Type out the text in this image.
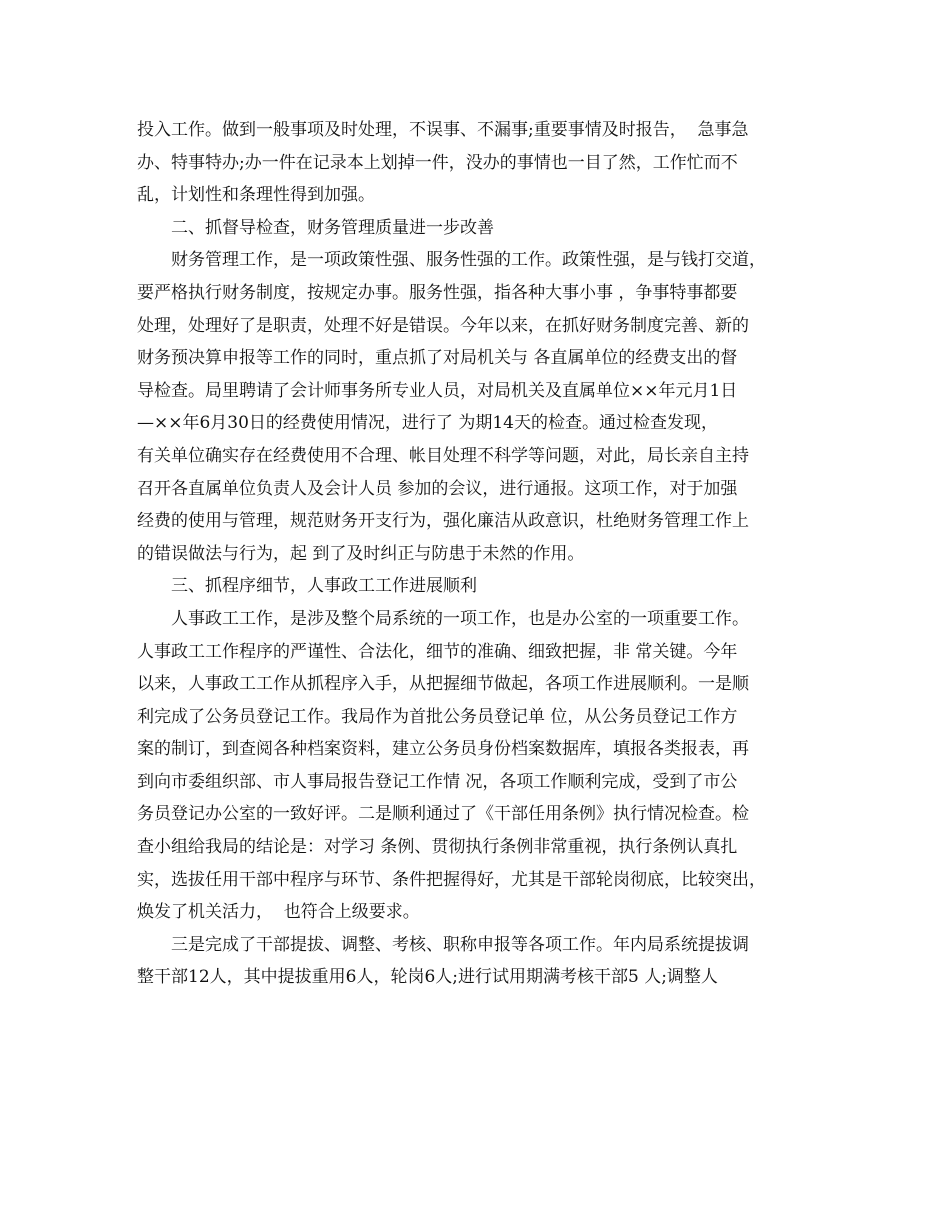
投入工作。做到一般事项及时处理，不误事、不漏事;重要事情及时报告，  急事急
办、特事特办;办一件在记录本上划掉一件，没办的事情也一目了然，工作忙而不
乱，计划性和条理性得到加强。
二、抓督导检查，财务管理质量进一步改善
财务管理工作，是一项政策性强、服务性强的工作。政策性强，是与钱打交道，
要严格执行财务制度，按规定办事。服务性强，指各种大事小事 ，争事特事都要
处理，处理好了是职责，处理不好是错误。今年以来，在抓好财务制度完善、新的
财务预决算申报等工作的同时，重点抓了对局机关与 各直属单位的经费支出的督
导检查。局里聘请了会计师事务所专业人员，对局机关及直属单位××年元月1日
—××年6月30日的经费使用情况，进行了 为期14天的检查。通过检查发现，
有关单位确实存在经费使用不合理、帐目处理不科学等问题，对此，局长亲自主持
召开各直属单位负责人及会计人员 参加的会议，进行通报。这项工作，对于加强
经费的使用与管理，规范财务开支行为，强化廉洁从政意识，杜绝财务管理工作上
的错误做法与行为，起 到了及时纠正与防患于未然的作用。
三、抓程序细节，人事政工工作进展顺利
人事政工工作，是涉及整个局系统的一项工作，也是办公室的一项重要工作。
人事政工工作程序的严谨性、合法化，细节的准确、细致把握，非 常关键。今年
以来，人事政工工作从抓程序入手，从把握细节做起，各项工作进展顺利。一是顺
利完成了公务员登记工作。我局作为首批公务员登记单 位，从公务员登记工作方
案的制订，到查阅各种档案资料，建立公务员身份档案数据库，填报各类报表，再
到向市委组织部、市人事局报告登记工作情 况，各项工作顺利完成，受到了市公
务员登记办公室的一致好评。二是顺利通过了《干部任用条例》执行情况检查。检
查小组给我局的结论是：对学习 条例、贯彻执行条例非常重视，执行条例认真扎
实，选拔任用干部中程序与环节、条件把握得好，尤其是干部轮岗彻底，比较突出，
焕发了机关活力，  也符合上级要求。
三是完成了干部提拔、调整、考核、职称申报等各项工作。年内局系统提拔调
整干部12人，其中提拔重用6人，轮岗6人;进行试用期满考核干部5 人;调整人
